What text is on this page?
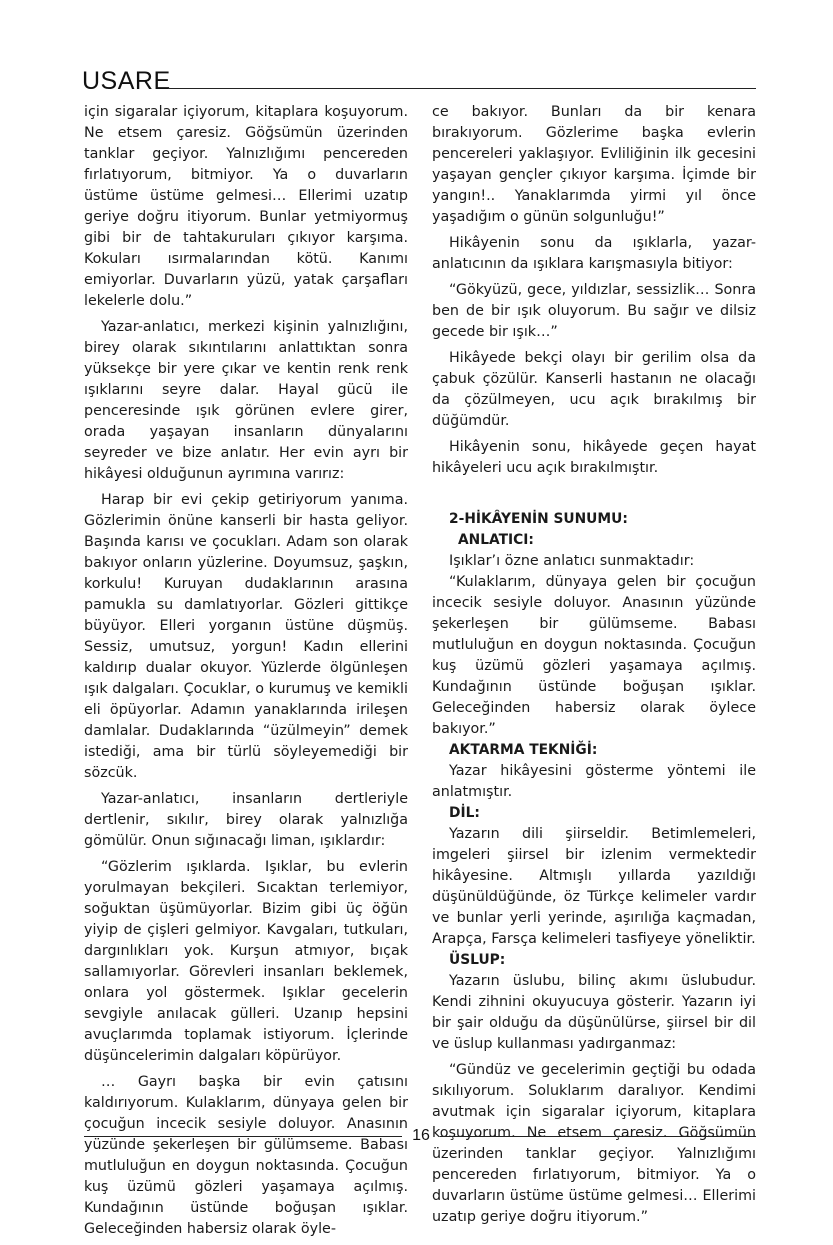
USARE

için sigaralar içiyorum, kitaplara koşuyorum. Ne etsem çaresiz. Göğsümün üzerinden tanklar geçiyor. Yalnızlığımı pencereden fırlatıyorum, bitmiyor. Ya o duvarların üstüme üstüme gelmesi… Ellerimi uzatıp geriye doğru itiyorum. Bunlar yetmiyormuş gibi bir de tahtakuruları çıkıyor karşıma. Kokuları ısırmalarından kötü. Kanımı emiyorlar. Duvarların yüzü, yatak çarşafları lekelerle dolu.”

Yazar-anlatıcı, merkezi kişinin yalnızlığını, birey olarak sıkıntılarını anlattıktan sonra yüksekçe bir yere çıkar ve kentin renk renk ışıklarını seyre dalar. Hayal gücü ile penceresinde ışık görünen evlere girer, orada yaşayan insanların dünyalarını seyreder ve bize anlatır. Her evin ayrı bir hikâyesi olduğunun ayrımına varırız:

Harap bir evi çekip getiriyorum yanıma. Gözlerimin önüne kanserli bir hasta geliyor. Başında karısı ve çocukları. Adam son olarak bakıyor onların yüzlerine. Doyumsuz, şaşkın, korkulu! Kuruyan dudaklarının arasına pamukla su damlatıyorlar. Gözleri gittikçe büyüyor. Elleri yorganın üstüne düşmüş. Sessiz, umutsuz, yorgun! Kadın ellerini kaldırıp dualar okuyor. Yüzlerde ölgünleşen ışık dalgaları. Çocuklar, o kurumuş ve kemikli eli öpüyorlar. Adamın yanaklarında irileşen damlalar. Dudaklarında “üzülmeyin” demek istediği, ama bir türlü söyleyemediği bir sözcük.

Yazar-anlatıcı, insanların dertleriyle dertlenir, sıkılır, birey olarak yalnızlığa gömülür. Onun sığınacağı liman, ışıklardır:

“Gözlerim ışıklarda. Işıklar, bu evlerin yorulmayan bekçileri. Sıcaktan terlemiyor, soğuktan üşümüyorlar. Bizim gibi üç öğün yiyip de çişleri gelmiyor. Kavgaları, tutkuları, dargınlıkları yok. Kurşun atmıyor, bıçak sallamıyorlar. Görevleri insanları beklemek, onlara yol göstermek. Işıklar gecelerin sevgiyle anılacak gülleri. Uzanıp hepsini avuçlarımda toplamak istiyorum. İçlerinde düşüncelerimin dalgaları köpürüyor.

… Gayrı başka bir evin çatısını kaldırıyorum. Kulaklarım, dünyaya gelen bir çocuğun incecik sesiyle doluyor. Anasının yüzünde şekerleşen bir gülümseme. Babası mutluluğun en doygun noktasında. Çocuğun kuş üzümü gözleri yaşamaya açılmış. Kundağının üstünde boğuşan ışıklar. Geleceğinden habersiz olarak öyle-

ce bakıyor. Bunları da bir kenara bırakıyorum. Gözlerime başka evlerin pencereleri yaklaşıyor. Evliliğinin ilk gecesini yaşayan gençler çıkıyor karşıma. İçimde bir yangın!.. Yanaklarımda yirmi yıl önce yaşadığım o günün solgunluğu!”

Hikâyenin sonu da ışıklarla, yazar-anlatıcının da ışıklara karışmasıyla bitiyor:

“Gökyüzü, gece, yıldızlar, sessizlik… Sonra ben de bir ışık oluyorum. Bu sağır ve dilsiz gecede bir ışık…”

Hikâyede bekçi olayı bir gerilim olsa da çabuk çözülür. Kanserli hastanın ne olacağı da çözülmeyen, ucu açık bırakılmış bir düğümdür.

Hikâyenin sonu, hikâyede geçen hayat hikâyeleri ucu açık bırakılmıştır.

2-HİKÂYENİN SUNUMU:

ANLATICI:

Işıklar’ı özne anlatıcı sunmaktadır:

“Kulaklarım, dünyaya gelen bir çocuğun incecik sesiyle doluyor. Anasının yüzünde şekerleşen bir gülümseme. Babası mutluluğun en doygun noktasında. Çocuğun kuş üzümü gözleri yaşamaya açılmış. Kundağının üstünde boğuşan ışıklar. Geleceğinden habersiz olarak öylece bakıyor.”

AKTARMA TEKNİĞİ:

Yazar hikâyesini gösterme yöntemi ile anlatmıştır.

DİL:

Yazarın dili şiirseldir. Betimlemeleri, imgeleri şiirsel bir izlenim vermektedir hikâyesine. Altmışlı yıllarda yazıldığı düşünüldüğünde, öz Türkçe kelimeler vardır ve bunlar yerli yerinde, aşırılığa kaçmadan, Arapça, Farsça kelimeleri tasfiyeye yöneliktir.

ÜSLUP:

Yazarın üslubu, bilinç akımı üslubudur. Kendi zihnini okuyucuya gösterir. Yazarın iyi bir şair olduğu da düşünülürse, şiirsel bir dil ve üslup kullanması yadırganmaz:

“Gündüz ve gecelerimin geçtiği bu odada sıkılıyorum. Soluklarım daralıyor. Kendimi avutmak için sigaralar içiyorum, kitaplara koşuyorum. Ne etsem çaresiz. Göğsümün üzerinden tanklar geçiyor. Yalnızlığımı pencereden fırlatıyorum, bitmiyor. Ya o duvarların üstüme üstüme gelmesi… Ellerimi uzatıp geriye doğru itiyorum.”

16
